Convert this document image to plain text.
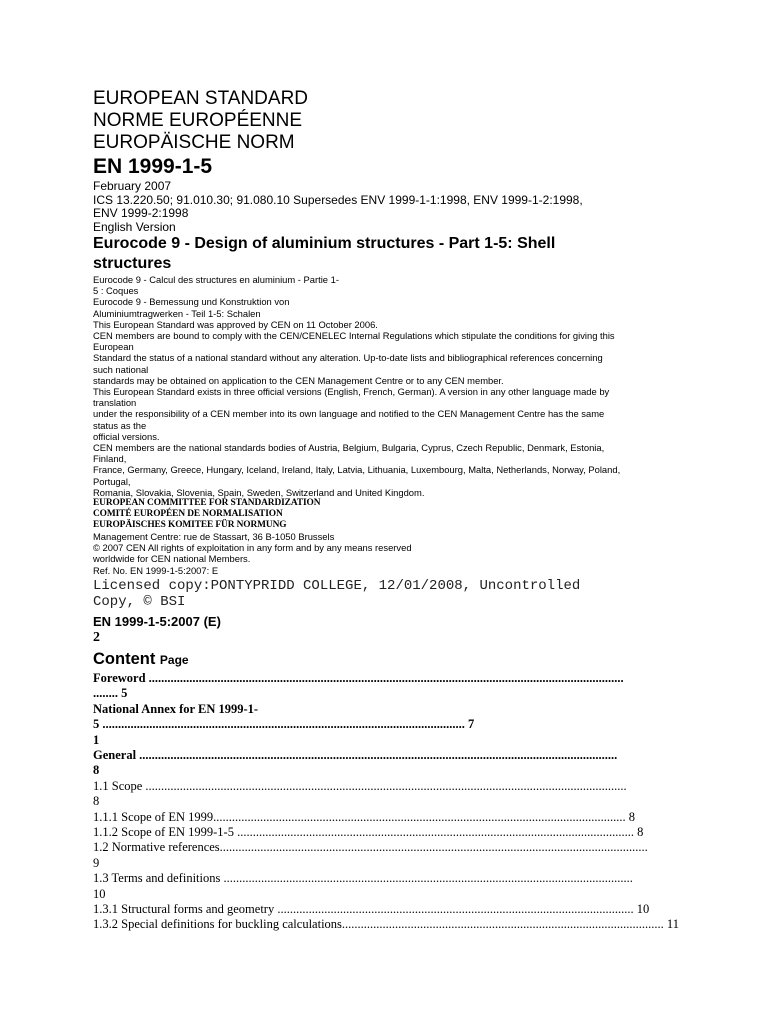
EUROPEAN STANDARD
NORME EUROPÉENNE
EUROPÄISCHE NORM
EN 1999-1-5
February 2007
ICS 13.220.50; 91.010.30; 91.080.10 Supersedes ENV 1999-1-1:1998, ENV 1999-1-2:1998,
ENV 1999-2:1998
English Version
Eurocode 9 - Design of aluminium structures - Part 1-5: Shell
structures
Eurocode 9 - Calcul des structures en aluminium - Partie 1-
5 : Coques
Eurocode 9 - Bemessung und Konstruktion von
Aluminiumtragwerken - Teil 1-5: Schalen
This European Standard was approved by CEN on 11 October 2006.
CEN members are bound to comply with the CEN/CENELEC Internal Regulations which stipulate the conditions for giving this
European
Standard the status of a national standard without any alteration. Up-to-date lists and bibliographical references concerning
such national
standards may be obtained on application to the CEN Management Centre or to any CEN member.
This European Standard exists in three official versions (English, French, German). A version in any other language made by
translation
under the responsibility of a CEN member into its own language and notified to the CEN Management Centre has the same
status as the
official versions.
CEN members are the national standards bodies of Austria, Belgium, Bulgaria, Cyprus, Czech Republic, Denmark, Estonia,
Finland,
France, Germany, Greece, Hungary, Iceland, Ireland, Italy, Latvia, Lithuania, Luxembourg, Malta, Netherlands, Norway, Poland,
Portugal,
Romania, Slovakia, Slovenia, Spain, Sweden, Switzerland and United Kingdom.
EUROPEAN COMMITTEE FOR STANDARDIZATION
COMITÉ EUROPÉEN DE NORMALISATION
EUROPÄISCHES KOMITEE FÜR NORMUNG
Management Centre: rue de Stassart, 36 B-1050 Brussels
© 2007 CEN All rights of exploitation in any form and by any means reserved
worldwide for CEN national Members.
Ref. No. EN 1999-1-5:2007: E
Licensed copy:PONTYPRIDD COLLEGE, 12/01/2008, Uncontrolled
Copy, © BSI
EN 1999-1-5:2007 (E)
2
Content Page
Foreword ........................................................................................................................................................
........ 5
National Annex for EN 1999-1-
5 .................................................................................................................... 7
1
General .........................................................................................................................................................
8
1.1 Scope ..........................................................................................................................................................
8
1.1.1 Scope of EN 1999.................................................................................................................................... 8
1.1.2 Scope of EN 1999-1-5 ............................................................................................................................... 8
1.2 Normative references.........................................................................................................................................
9
1.3 Terms and definitions ...................................................................................................................................
10
1.3.1 Structural forms and geometry .................................................................................................................. 10
1.3.2 Special definitions for buckling calculations....................................................................................................... 11
